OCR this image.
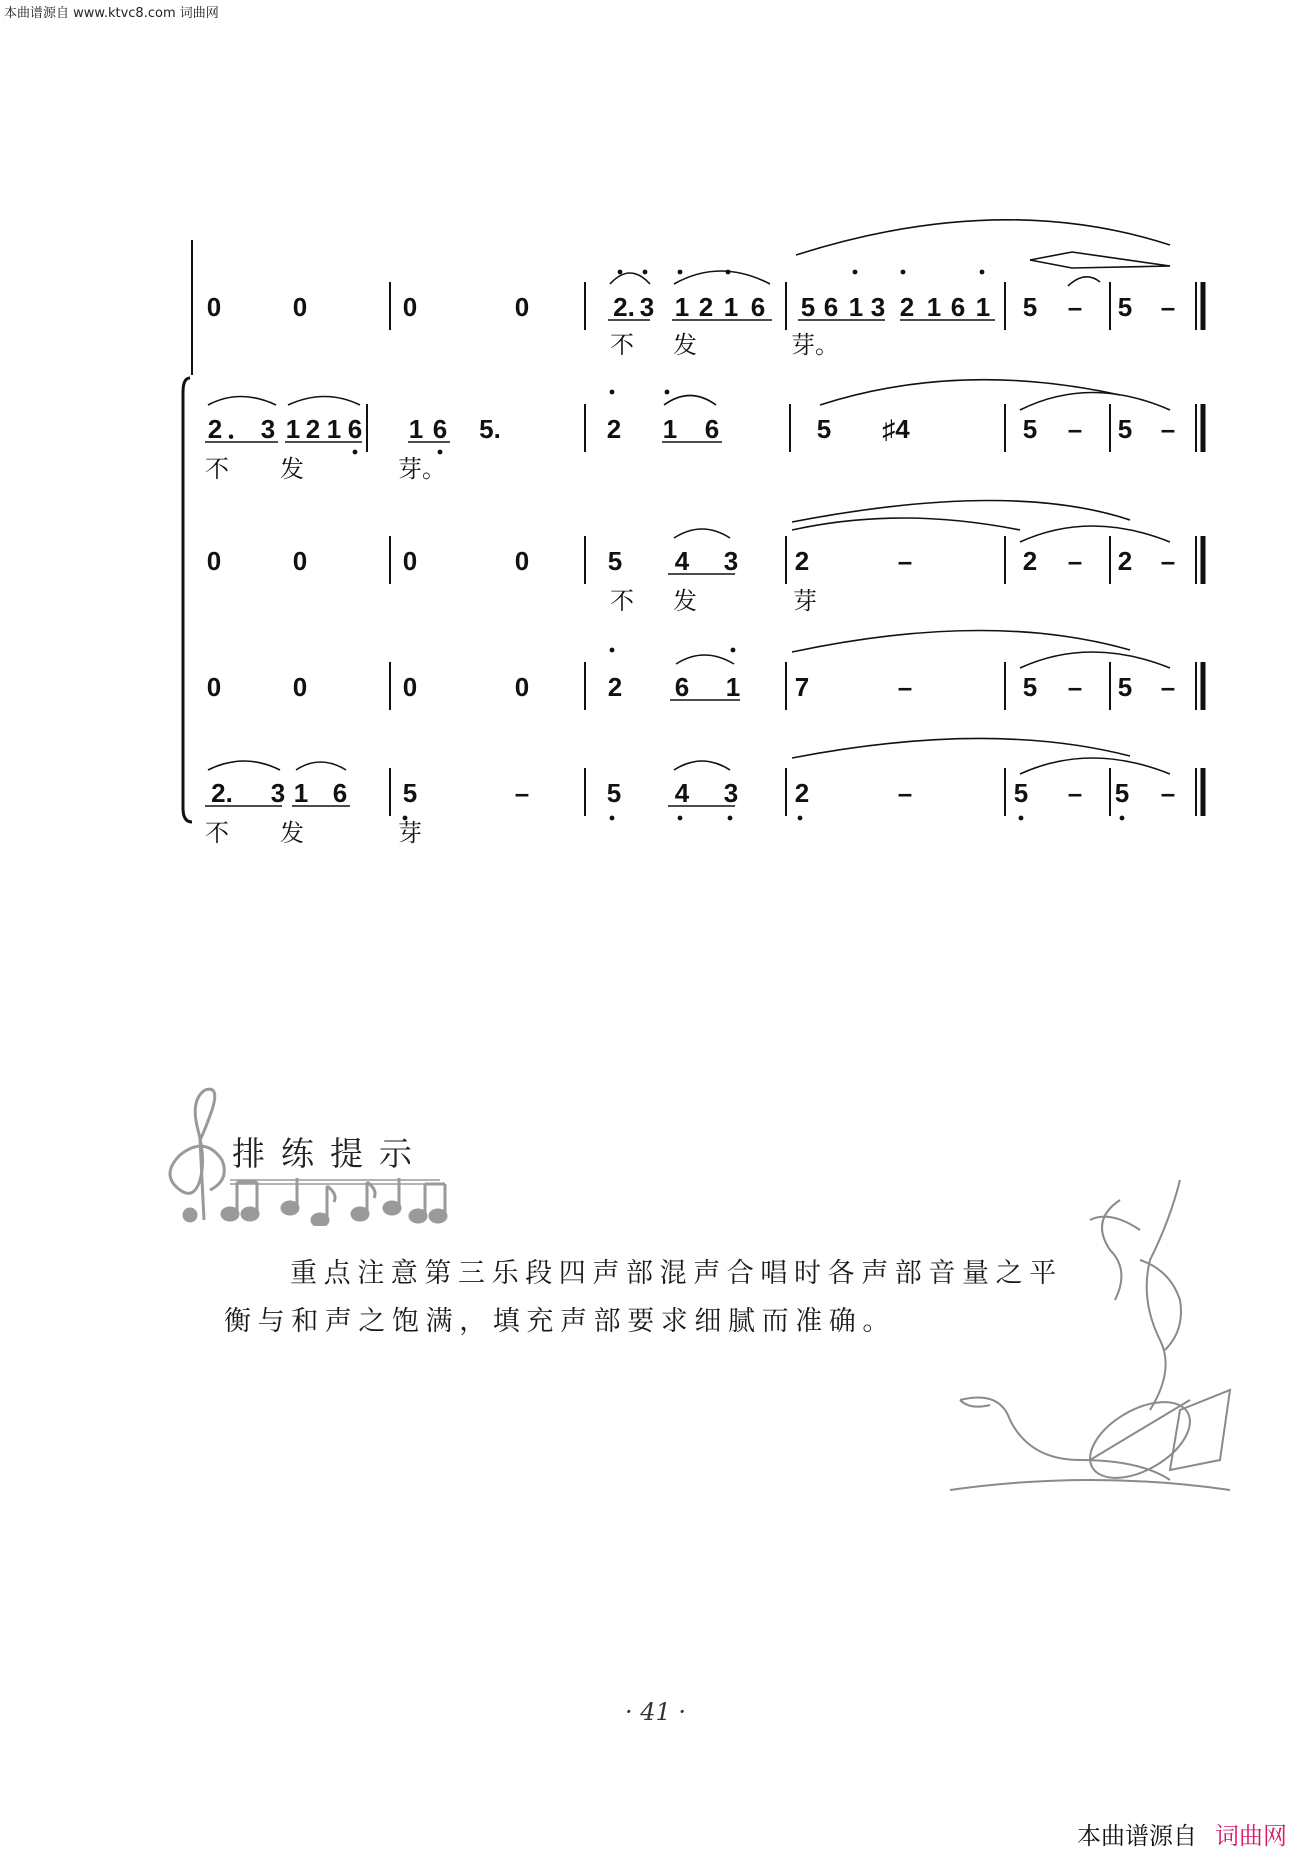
本曲谱源自 www.ktvc8.com 词曲网
0	0	0	0	2. 3 1 2 1 6 5 6 1 3 2 1 6 1 5 – 5 –
不 发	芽。
2 ． 3 1 2 1 6 1 6 5.	2 1 6	5 ♯4	5 – 5 –
不 发	芽。
0	0	0	0	5 4 3 2	–	2 – 2 –
不 发	芽
0	0	0	0	2 6 1 7	–	5 – 5 –
2. 3 1 6 5	–	5 4 3 2	–	5 – 5 –
不 发	芽
排练提示
重点注意第三乐段四声部混声合唱时各声部音量之平衡与和声之饱满，填充声部要求细腻而准确。
· 41 ·
本曲谱源自 词曲网
